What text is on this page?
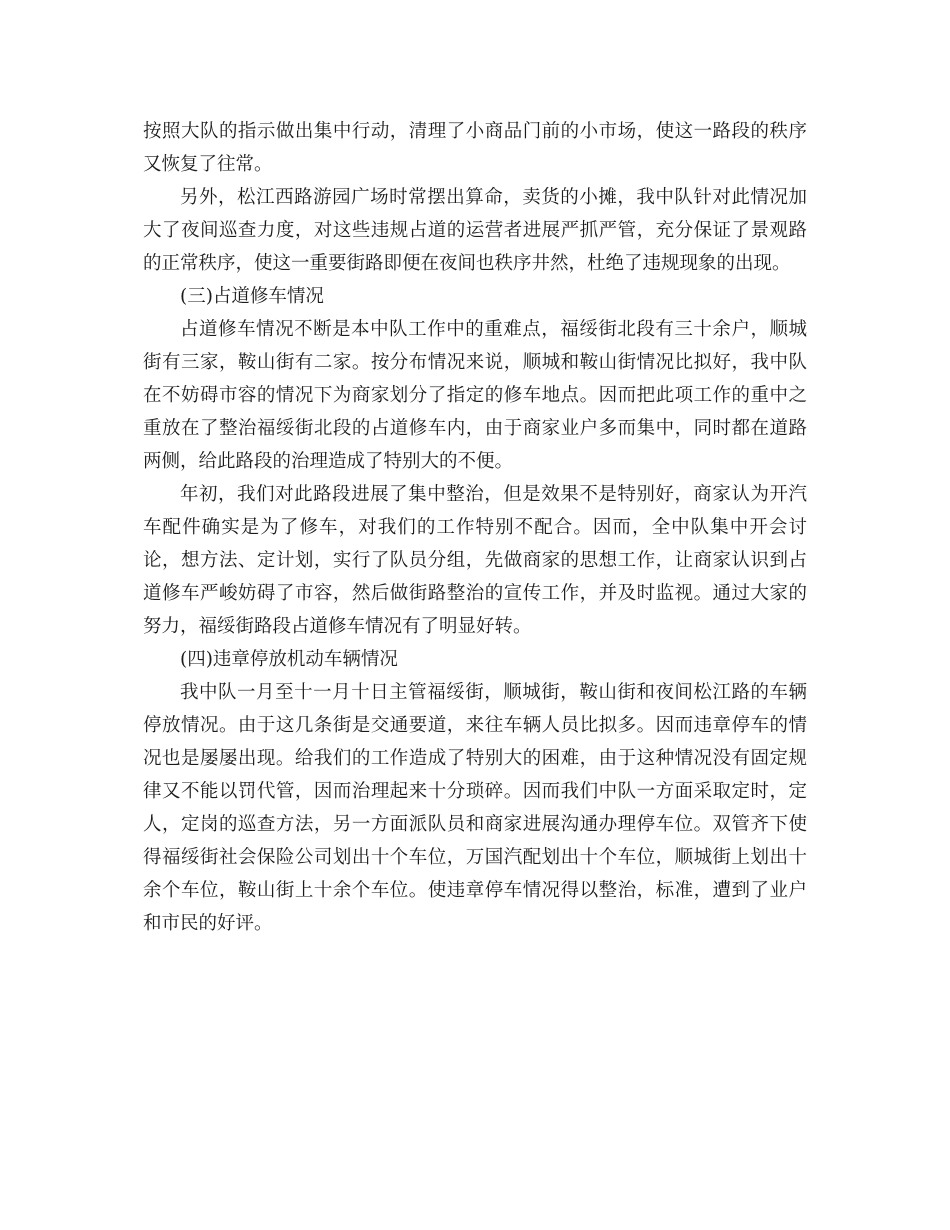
按照大队的指示做出集中行动，清理了小商品门前的小市场，使这一路段的秩序又恢复了往常。

另外，松江西路游园广场时常摆出算命，卖货的小摊，我中队针对此情况加大了夜间巡查力度，对这些违规占道的运营者进展严抓严管，充分保证了景观路的正常秩序，使这一重要街路即便在夜间也秩序井然，杜绝了违规现象的出现。

(三)占道修车情况

占道修车情况不断是本中队工作中的重难点，福绥街北段有三十余户，顺城街有三家，鞍山街有二家。按分布情况来说，顺城和鞍山街情况比拟好，我中队在不妨碍市容的情况下为商家划分了指定的修车地点。因而把此项工作的重中之重放在了整治福绥街北段的占道修车内，由于商家业户多而集中，同时都在道路两侧，给此路段的治理造成了特别大的不便。

年初，我们对此路段进展了集中整治，但是效果不是特别好，商家认为开汽车配件确实是为了修车，对我们的工作特别不配合。因而，全中队集中开会讨论，想方法、定计划，实行了队员分组，先做商家的思想工作，让商家认识到占道修车严峻妨碍了市容，然后做街路整治的宣传工作，并及时监视。通过大家的努力，福绥街路段占道修车情况有了明显好转。

(四)违章停放机动车辆情况

我中队一月至十一月十日主管福绥街，顺城街，鞍山街和夜间松江路的车辆停放情况。由于这几条街是交通要道，来往车辆人员比拟多。因而违章停车的情况也是屡屡出现。给我们的工作造成了特别大的困难，由于这种情况没有固定规律又不能以罚代管，因而治理起来十分琐碎。因而我们中队一方面采取定时，定人，定岗的巡查方法，另一方面派队员和商家进展沟通办理停车位。双管齐下使得福绥街社会保险公司划出十个车位，万国汽配划出十个车位，顺城街上划出十余个车位，鞍山街上十余个车位。使违章停车情况得以整治，标准，遭到了业户和市民的好评。
